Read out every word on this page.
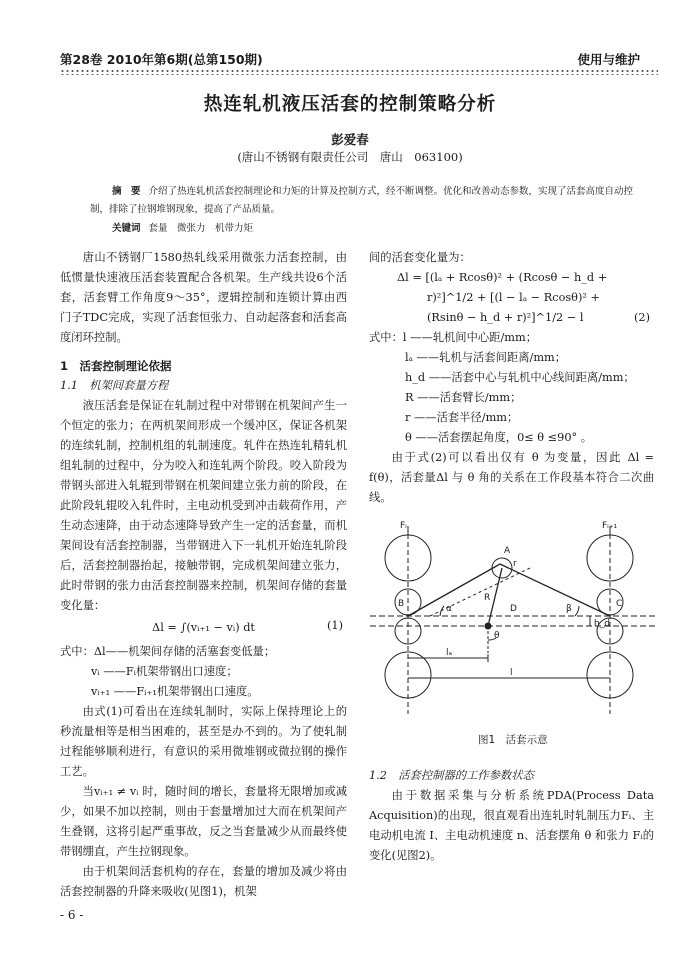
第28卷 2010年第6期(总第150期)	使用与维护
热连轧机液压活套的控制策略分析
彭爱春
(唐山不锈钢有限责任公司　唐山　063100)
摘　要 介绍了热连轧机活套控制理论和力矩的计算及控制方式，经不断调整。优化和改善动态参数，实现了活套高度自动控制，排除了拉钢堆钢现象，提高了产品质量。
关键词 套量　微张力　机带力矩

唐山不锈钢厂1580热轧线采用微张力活套控制，由低惯量快速液压活套装置配合各机架。生产线共设6个活套，活套臂工作角度9～35°，逻辑控制和连锁计算由西门子TDC完成，实现了活套恒张力、自动起落套和活套高度闭环控制。

1　活套控制理论依据

1.1　机架间套量方程

液压活套是保证在轧制过程中对带钢在机架间产生一个恒定的张力；在两机架间形成一个缓冲区，保证各机架的连续轧制，控制机组的轧制速度。轧件在热连轧精轧机组轧制的过程中，分为咬入和连轧两个阶段。咬入阶段为带钢头部进入轧辊到带钢在机架间建立张力前的阶段，在此阶段轧辊咬入轧件时，主电动机受到冲击载荷作用，产生动态速降，由于动态速降导致产生一定的活套量，而机架间设有活套控制器，当带钢进入下一轧机开始连轧阶段后，活套控制器抬起，接触带钢，完成机架间建立张力，此时带钢的张力由活套控制器来控制，机架间存储的套量变化量：

Δl = ∫(vᵢ₊₁ − vᵢ) dt	(1)

式中：Δl——机架间存储的活塞套变低量；

vᵢ ——Fᵢ机架带钢出口速度；

vᵢ₊₁ ——Fᵢ₊₁机架带钢出口速度。

由式(1)可看出在连续轧制时，实际上保持理论上的秒流量相等是相当困难的，甚至是办不到的。为了使轧制过程能够顺利进行，有意识的采用微堆钢或微拉钢的操作工艺。

当vᵢ₊₁ ≠ vᵢ 时，随时间的增长，套量将无限增加或减少，如果不加以控制，则由于套量增加过大而在机架间产生叠钢，这将引起严重事故，反之当套量减少从而最终使带钢绷直，产生拉钢现象。

由于机架间活套机构的存在，套量的增加及减少将由活套控制器的升降来吸收(见图1)，机架

间的活套变化量为：

Δl = [(lₐ + Rcosθ)² + (Rcosθ − h_d +

r)²]^1/2 + [(l − lₐ − Rcosθ)² +

(Rsinθ − h_d + r)²]^1/2 − l	(2)

式中：l ——轧机间中心距/mm；

lₐ ——轧机与活套间距离/mm；

h_d ——活套中心与轧机中心线间距离/mm；

R ——活套臂长/mm；

r ——活套半径/mm；

θ ——活套摆起角度，0≤ θ ≤90° 。

由于式(2)可以看出仅有 θ 为变量，因此 Δl = f(θ)，活套量Δl 与 θ 角的关系在工作段基本符合二次曲线。

Fᵢ	Fᵢ₊₁
A
B	C
D
R
r
α	β
θ
h_d
lₐ
l
图1　活套示意

1.2　活套控制器的工作参数状态

由于数据采集与分析系统PDA(Process Data Acquisition)的出现，很直观看出连轧时轧制压力Fᵢ、主电动机电流 I、主电动机速度 n、活套摆角 θ 和张力 Fᵢ的变化(见图2)。

- 6 -
